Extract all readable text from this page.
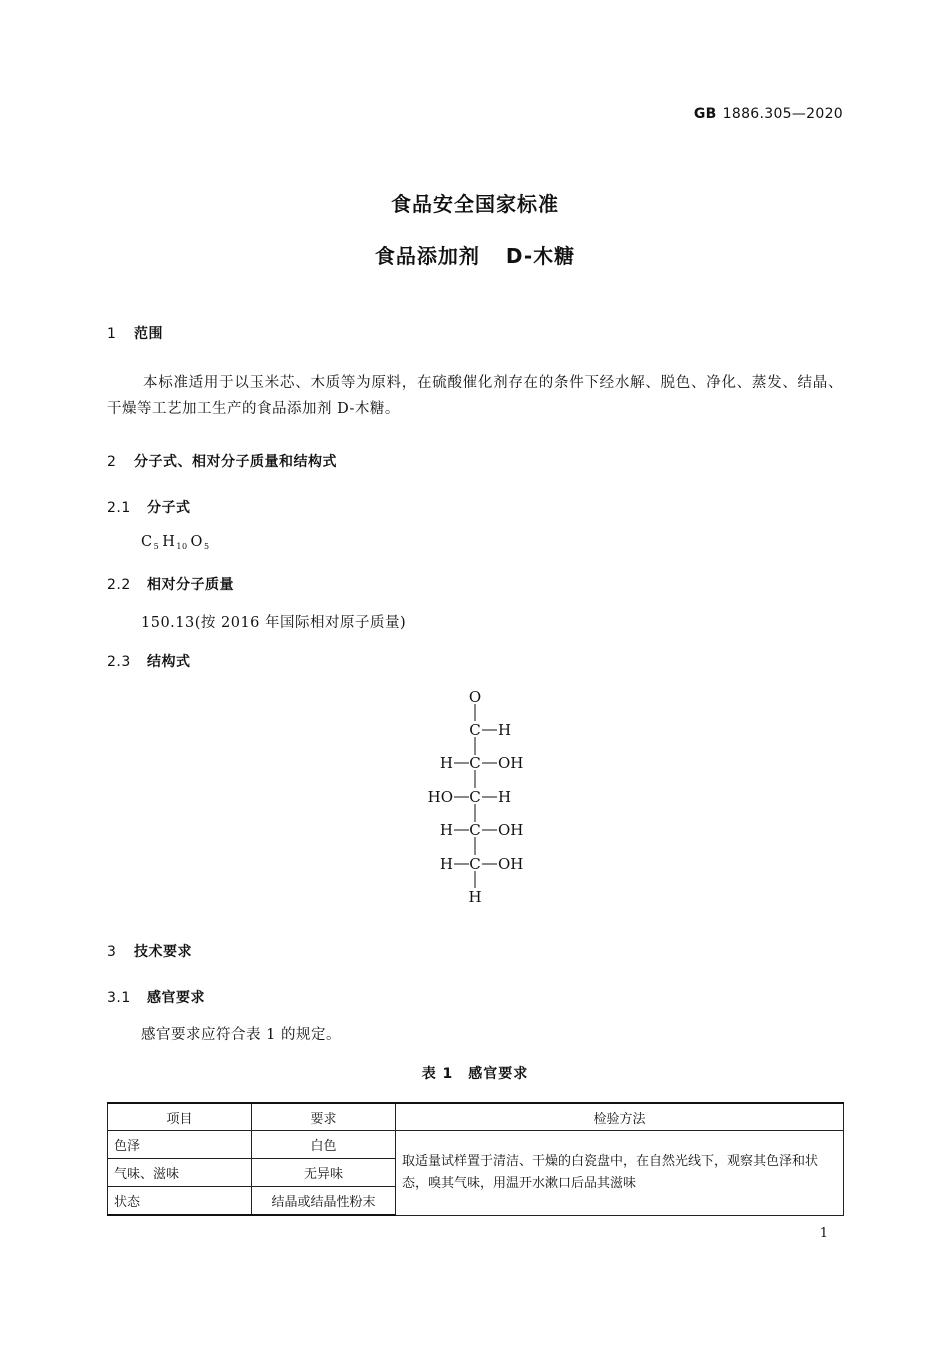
GB 1886.305—2020
食品安全国家标准
食品添加剂 D-木糖
1 范围
本标准适用于以玉米芯、木质等为原料，在硫酸催化剂存在的条件下经水解、脱色、净化、蒸发、结晶、干燥等工艺加工生产的食品添加剂 D-木糖。
2 分子式、相对分子质量和结构式
2.1 分子式
$C_5$ $H_{10}$ $O_5$
2.2 相对分子质量
150.13(按 2016 年国际相对原子质量)
2.3 结构式
O
C H
H C OH
HO C H
H C OH
H C OH
H
3 技术要求
3.1 感官要求
感官要求应符合表 1 的规定。
表 1　感官要求
项目	要求	检验方法
色泽	白色	取适量试样置于清洁、干燥的白瓷盘中，在自然光线下，观察其色泽和状态，嗅其气味，用温开水漱口后品其滋味
气味、滋味	无异味	
状态	结晶或结晶性粉末	
1
